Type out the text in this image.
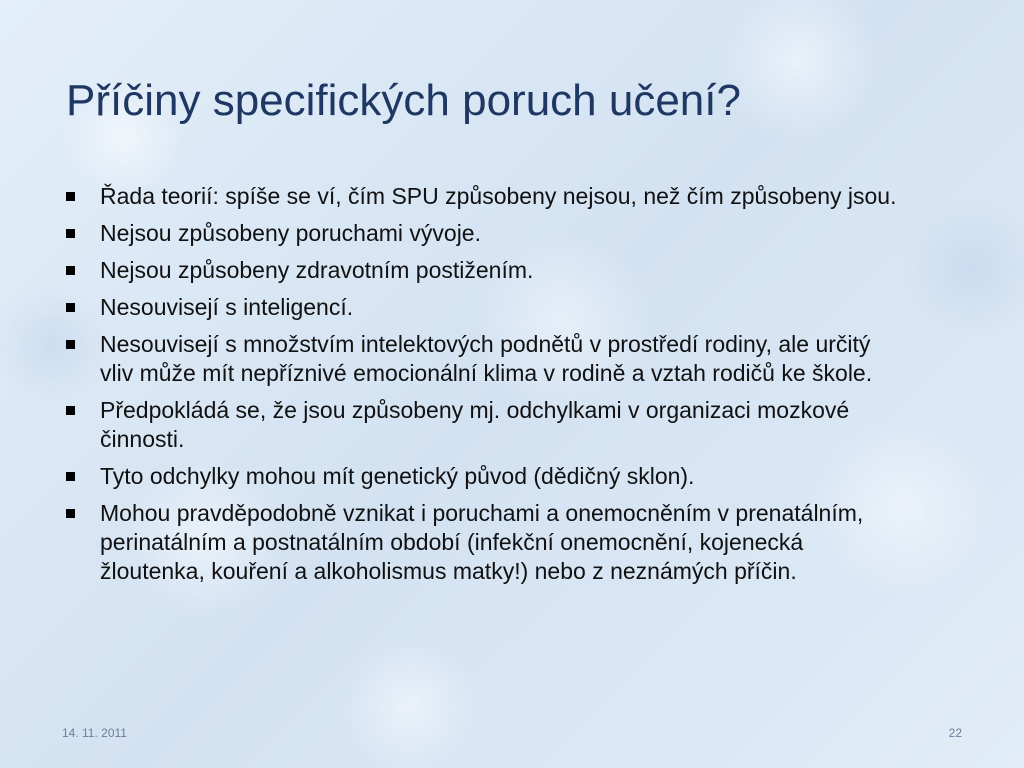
Příčiny specifických poruch učení?
Řada teorií: spíše se ví, čím SPU způsobeny nejsou, než čím způsobeny jsou.
Nejsou způsobeny poruchami vývoje.
Nejsou způsobeny zdravotním postižením.
Nesouvisejí s inteligencí.
Nesouvisejí s množstvím intelektových podnětů v prostředí rodiny, ale určitý vliv může mít nepříznivé emocionální klima v rodině a vztah rodičů ke škole.
Předpokládá se, že jsou způsobeny mj. odchylkami v organizaci mozkové činnosti.
Tyto odchylky mohou mít genetický původ (dědičný sklon).
Mohou pravděpodobně vznikat i poruchami a onemocněním v prenatálním, perinatálním a postnatálním období (infekční onemocnění, kojenecká žloutenka, kouření a alkoholismus matky!) nebo z neznámých příčin.
14. 11. 2011	22
